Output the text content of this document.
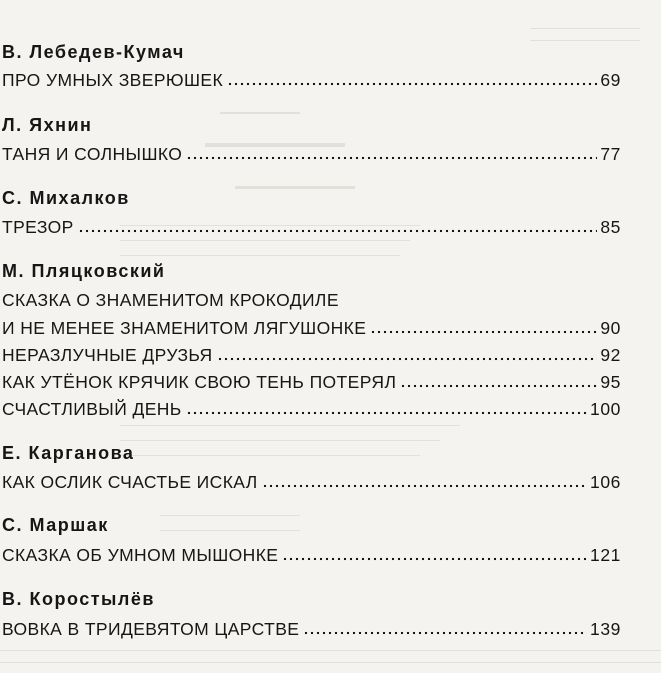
В. Лебедев-Кумач
ПРО УМНЫХ ЗВЕРЮШЕК	69
Л. Яхнин
ТАНЯ И СОЛНЫШКО	77
С. Михалков
ТРЕЗОР	85
М. Пляцковский
СКАЗКА О ЗНАМЕНИТОМ КРОКОДИЛЕ
И НЕ МЕНЕЕ ЗНАМЕНИТОМ ЛЯГУШОНКЕ	90
НЕРАЗЛУЧНЫЕ ДРУЗЬЯ	92
КАК УТЁНОК КРЯЧИК СВОЮ ТЕНЬ ПОТЕРЯЛ	95
СЧАСТЛИВЫЙ ДЕНЬ	100
Е. Карганова
КАК ОСЛИК СЧАСТЬЕ ИСКАЛ	106
С. Маршак
СКАЗКА ОБ УМНОМ МЫШОНКЕ	121
В. Коростылёв
ВОВКА В ТРИДЕВЯТОМ ЦАРСТВЕ	139
